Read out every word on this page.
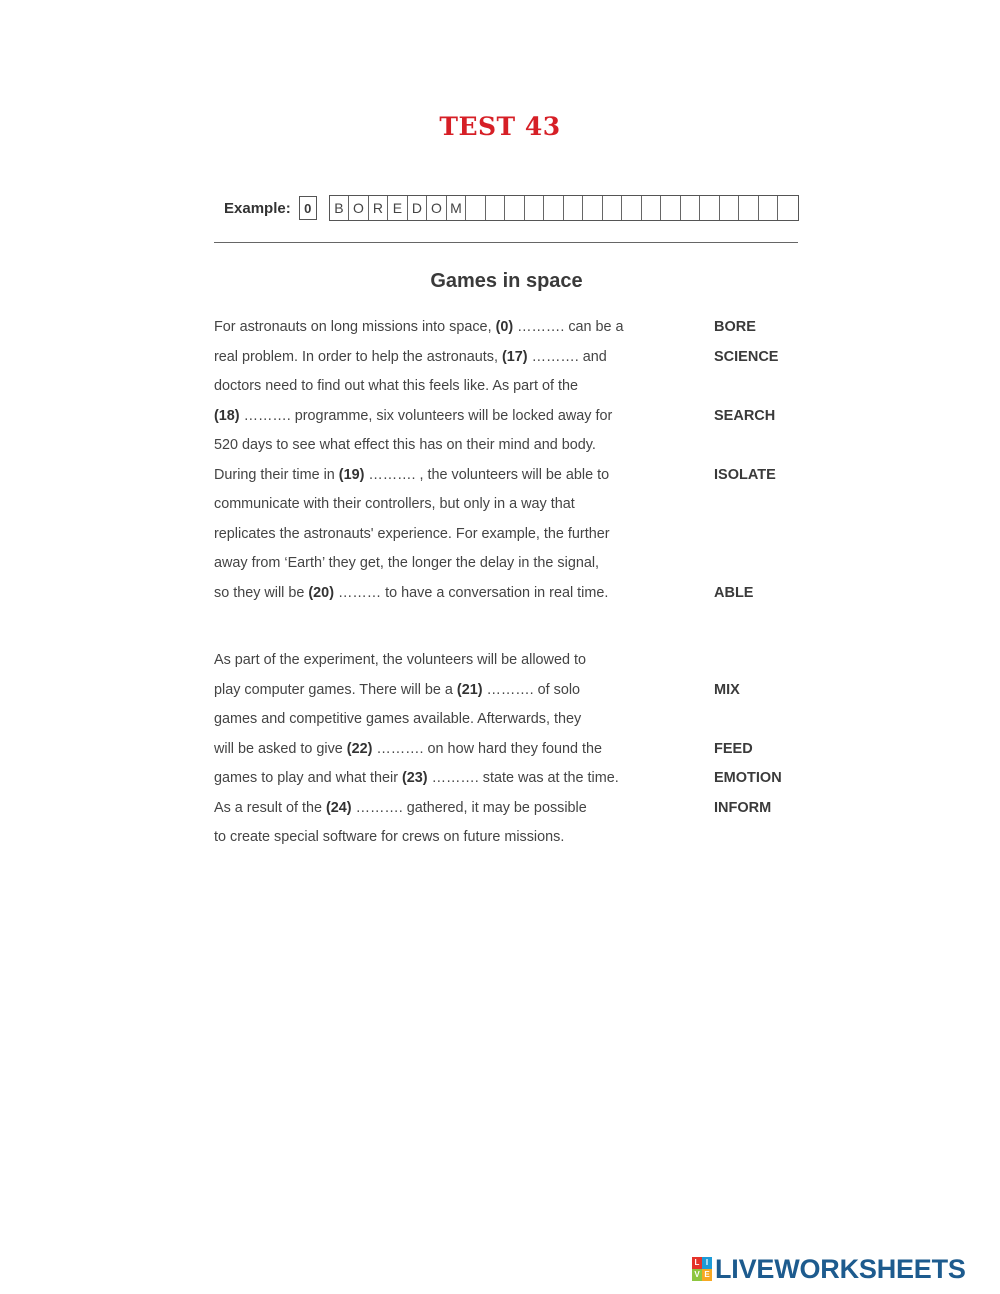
TEST 43
Example:	0	B O R E D O M
Games in space
For astronauts on long missions into space, (0) ………. can be a
real problem. In order to help the astronauts, (17) ………. and
doctors need to find out what this feels like. As part of the
(18) ………. programme, six volunteers will be locked away for
520 days to see what effect this has on their mind and body.
During their time in (19) ………. , the volunteers will be able to
communicate with their controllers, but only in a way that
replicates the astronauts' experience. For example, the further
away from ‘Earth’ they get, the longer the delay in the signal,
so they will be (20) ……… to have a conversation in real time.
As part of the experiment, the volunteers will be allowed to
play computer games. There will be a (21) ………. of solo
games and competitive games available. Afterwards, they
will be asked to give (22) ………. on how hard they found the
games to play and what their (23) ………. state was at the time.
As a result of the (24) ………. gathered, it may be possible
to create special software for crews on future missions.
BORE
SCIENCE
SEARCH
ISOLATE
ABLE
MIX
FEED
EMOTION
INFORM
L I
V E LIVEWORKSHEETS
